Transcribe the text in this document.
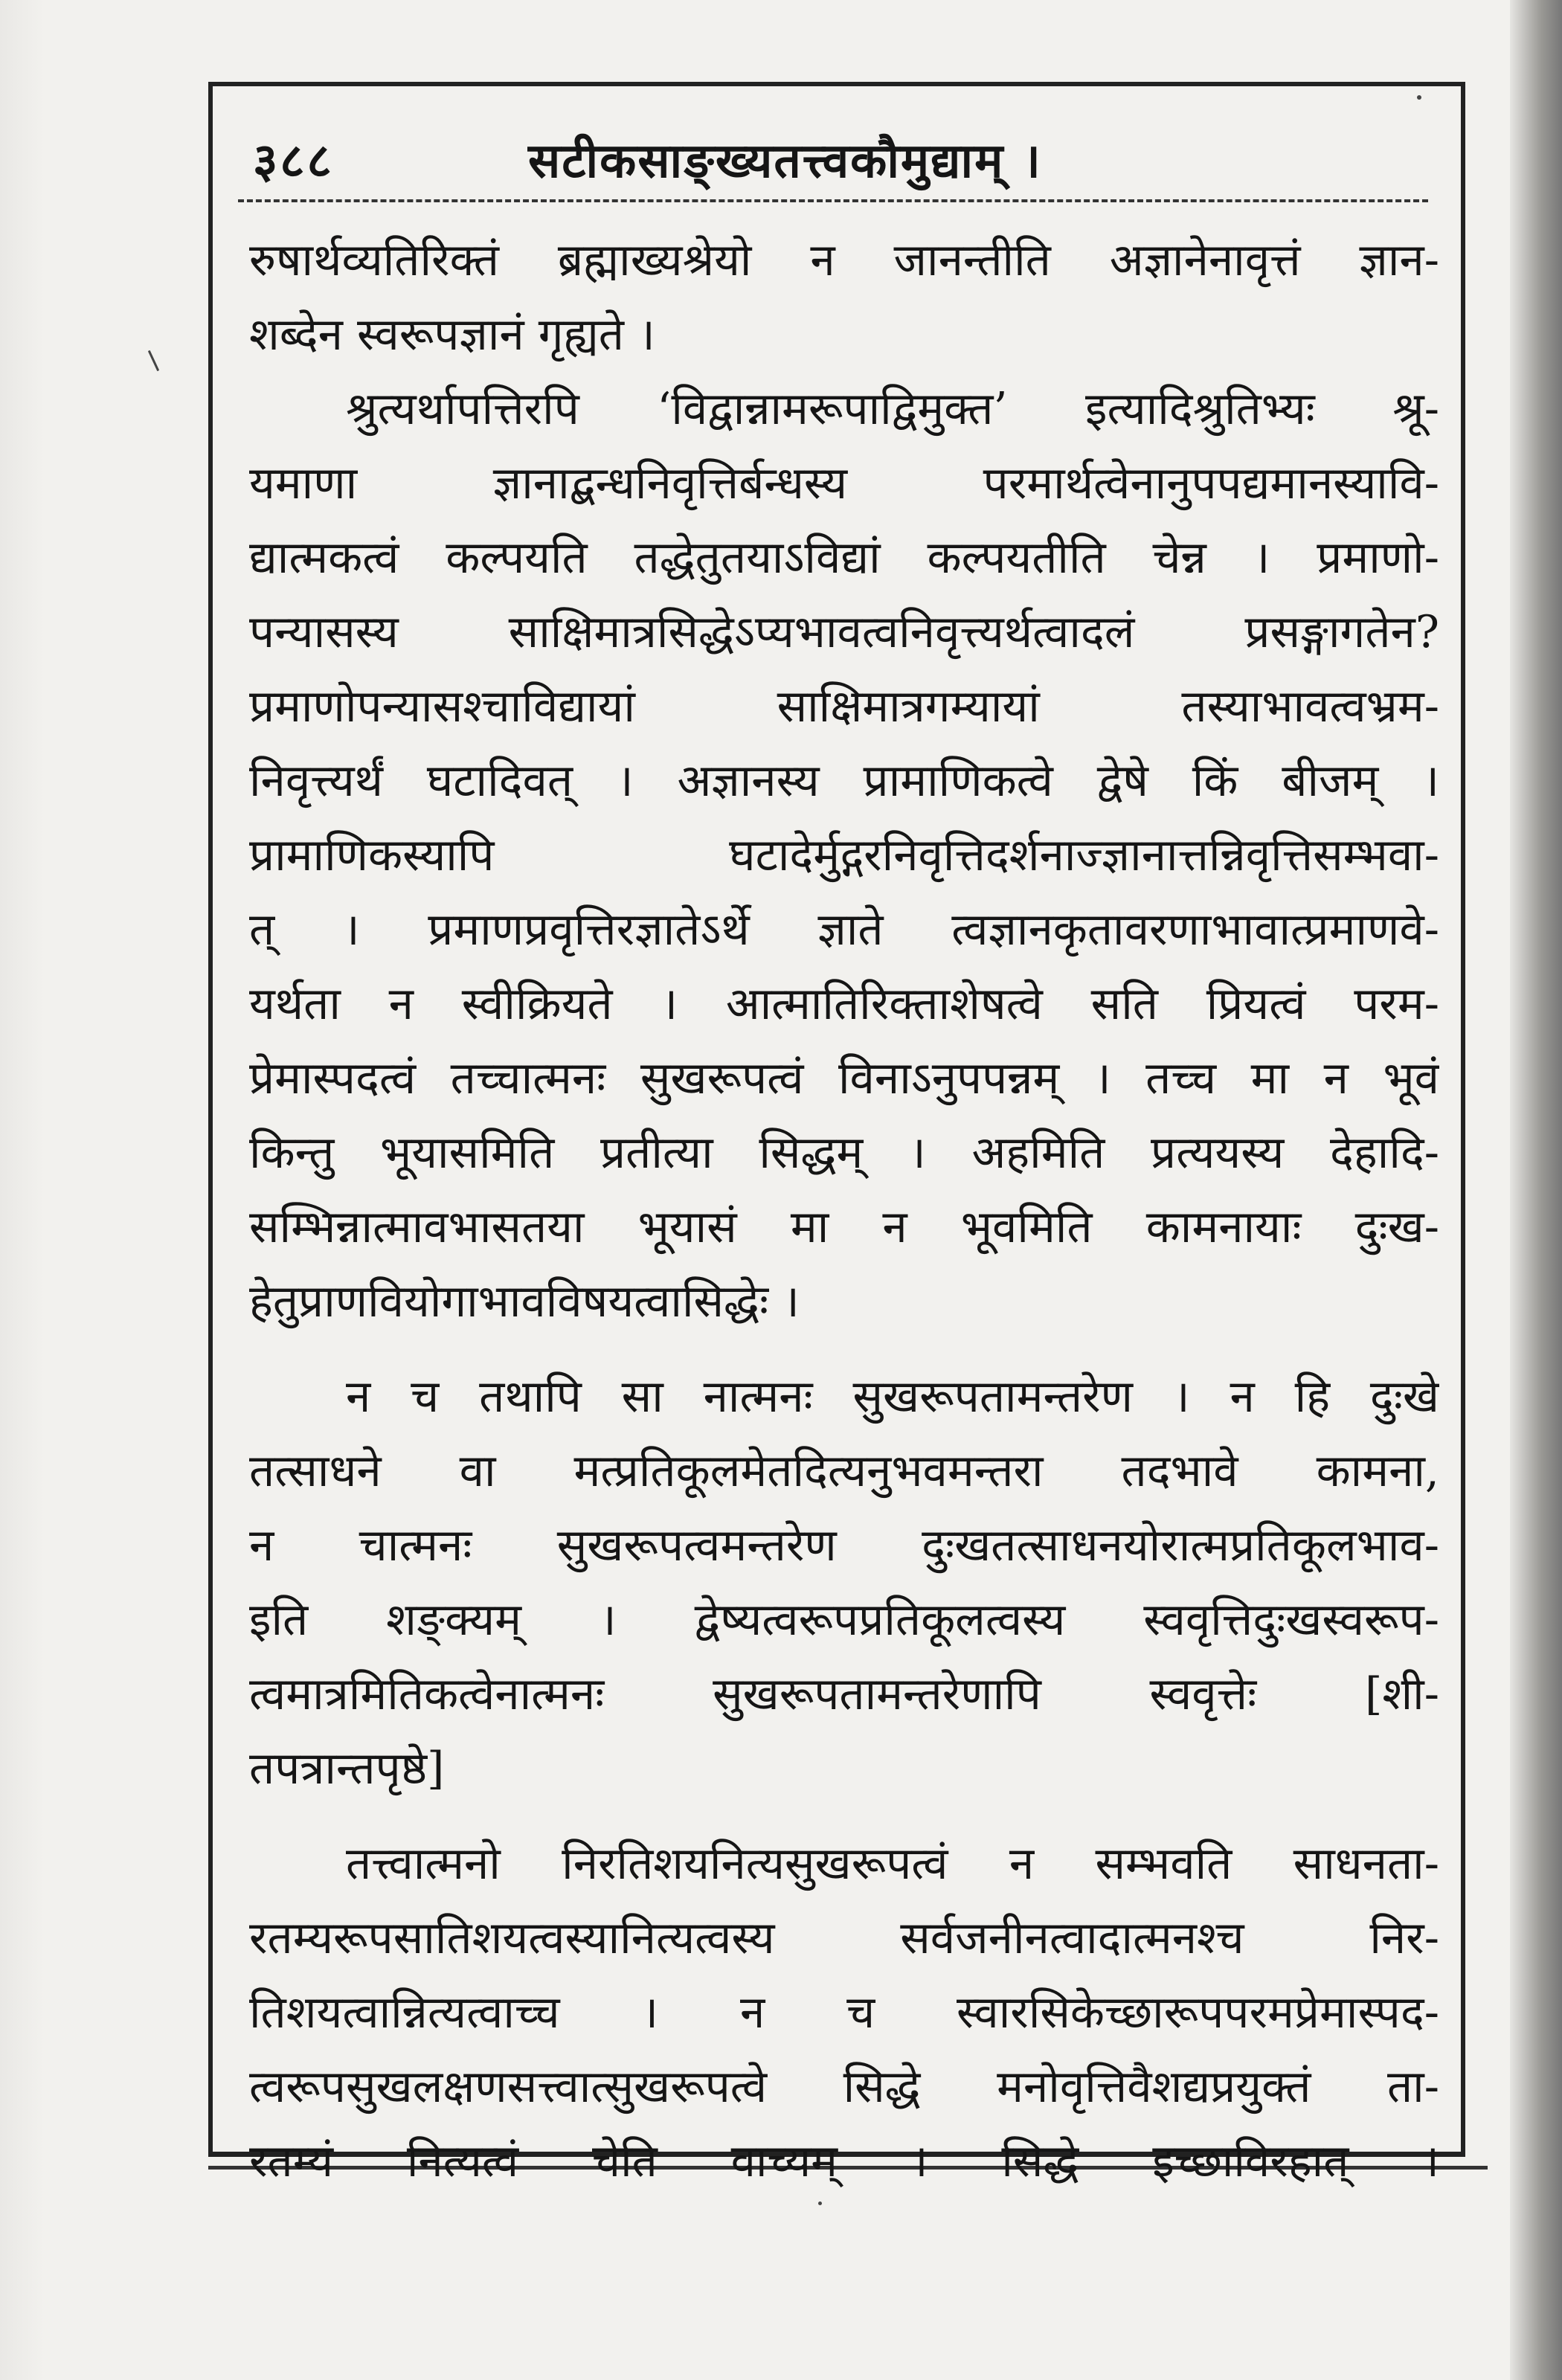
३८८	सटीकसाङ्ख्यतत्त्वकौमुद्याम् ।
रुषार्थव्यतिरिक्तं ब्रह्माख्यश्रेयो न जानन्तीति अज्ञानेनावृत्तं ज्ञान-
शब्देन स्वरूपज्ञानं गृह्यते ।
श्रुत्यर्थापत्तिरपि ‘विद्वान्नामरूपाद्विमुक्त’ इत्यादिश्रुतिभ्यः श्रू-
यमाणा ज्ञानाद्बन्धनिवृत्तिर्बन्धस्य परमार्थत्वेनानुपपद्यमानस्यावि-
द्यात्मकत्वं कल्पयति तद्धेतुतयाऽविद्यां कल्पयतीति चेन्न । प्रमाणो-
पन्यासस्य साक्षिमात्रसिद्धेऽप्यभावत्वनिवृत्त्यर्थत्वादलं प्रसङ्गागतेन?
प्रमाणोपन्यासश्चाविद्यायां साक्षिमात्रगम्यायां तस्याभावत्वभ्रम-
निवृत्त्यर्थं घटादिवत् । अज्ञानस्य प्रामाणिकत्वे द्वेषे किं बीजम् ।
प्रामाणिकस्यापि घटादेर्मुद्गरनिवृत्तिदर्शनाज्ज्ञानात्तन्निवृत्तिसम्भवा-
त् । प्रमाणप्रवृत्तिरज्ञातेऽर्थे ज्ञाते त्वज्ञानकृतावरणाभावात्प्रमाणवे-
यर्थता न स्वीक्रियते । आत्मातिरिक्ताशेषत्वे सति प्रियत्वं परम-
प्रेमास्पदत्वं तच्चात्मनः सुखरूपत्वं विनाऽनुपपन्नम् । तच्च मा न भूवं
किन्तु भूयासमिति प्रतीत्या सिद्धम् । अहमिति प्रत्ययस्य देहादि-
सम्भिन्नात्मावभासतया भूयासं मा न भूवमिति कामनायाः दुःख-
हेतुप्राणवियोगाभावविषयत्वासिद्धेः ।
न च तथापि सा नात्मनः सुखरूपतामन्तरेण । न हि दुःखे
तत्साधने वा मत्प्रतिकूलमेतदित्यनुभवमन्तरा तदभावे कामना,
न चात्मनः सुखरूपत्वमन्तरेण दुःखतत्साधनयोरात्मप्रतिकूलभाव-
इति शङ्क्यम् । द्वेष्यत्वरूपप्रतिकूलत्वस्य स्ववृत्तिदुःखस्वरूप-
त्वमात्रमितिकत्वेनात्मनः सुखरूपतामन्तरेणापि स्ववृत्तेः [शी-
तपत्रान्तपृष्ठे]
तत्त्वात्मनो निरतिशयनित्यसुखरूपत्वं न सम्भवति साधनता-
रतम्यरूपसातिशयत्वस्यानित्यत्वस्य सर्वजनीनत्वादात्मनश्च निर-
तिशयत्वान्नित्यत्वाच्च । न च स्वारसिकेच्छारूपपरमप्रेमास्पद-
त्वरूपसुखलक्षणसत्त्वात्सुखरूपत्वे सिद्धे मनोवृत्तिवैशद्यप्रयुक्तं ता-
रतम्यं नित्यत्वं चेति वाच्यम् । सिद्धे इच्छाविरहात् ।
